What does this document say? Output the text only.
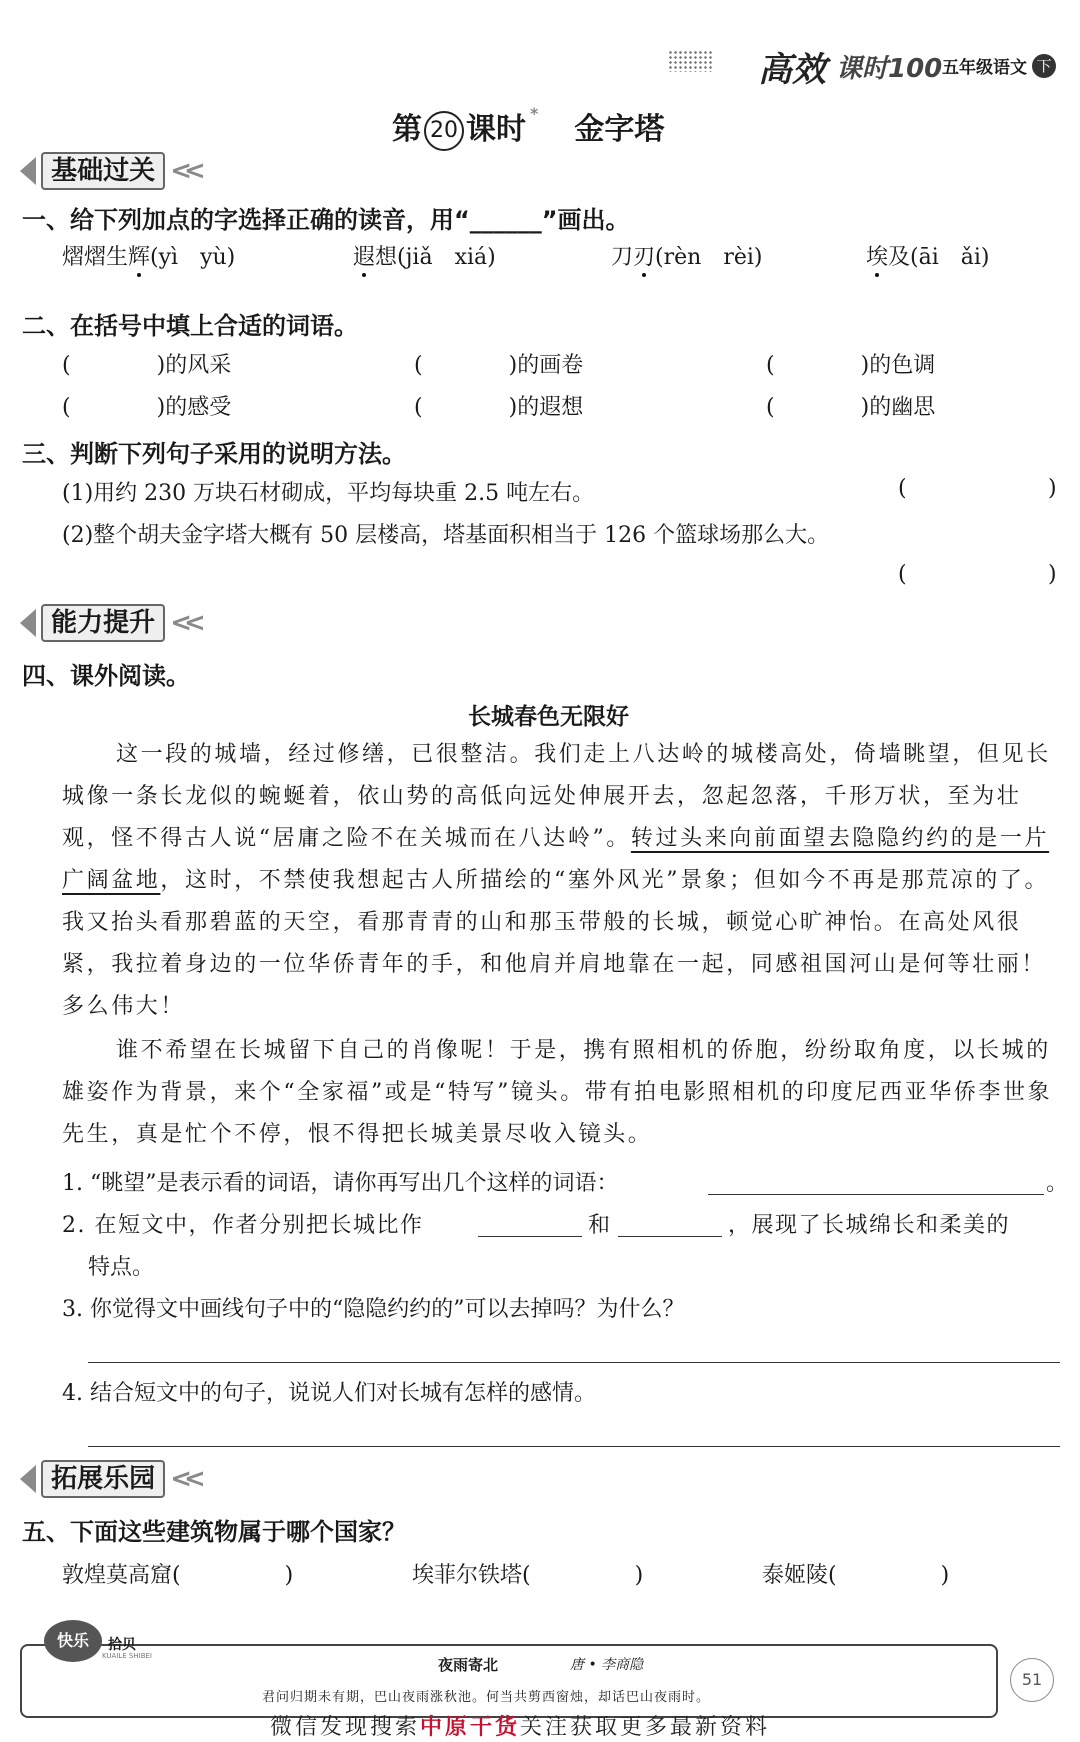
高效 课时100 五年级语文 下
第 20 课时 * 金字塔
基础过关 <<
一、给下列加点的字选择正确的读音，用“______”画出。
熠熠生辉(yì　yù)	遐想(jiǎ　xiá)	刀刃(rèn　rèi)	埃及(āi　ǎi)
二、在括号中填上合适的词语。
(	)的风采	(	)的画卷	(	)的色调
(	)的感受	(	)的遐想	(	)的幽思
三、判断下列句子采用的说明方法。
(1)用约 230 万块石材砌成，平均每块重 2.5 吨左右。	(	)
(2)整个胡夫金字塔大概有 50 层楼高，塔基面积相当于 126 个篮球场那么大。
(	)
能力提升 <<
四、课外阅读。
长城春色无限好
这一段的城墙，经过修缮，已很整洁。我们走上八达岭的城楼高处，倚墙眺望，但见长城像一条长龙似的蜿蜒着，依山势的高低向远处伸展开去，忽起忽落，千形万状，至为壮观，怪不得古人说“居庸之险不在关城而在八达岭”。转过头来向前面望去隐隐约约的是一片广阔盆地，这时，不禁使我想起古人所描绘的“塞外风光”景象；但如今不再是那荒凉的了。我又抬头看那碧蓝的天空，看那青青的山和那玉带般的长城，顿觉心旷神怡。在高处风很紧，我拉着身边的一位华侨青年的手，和他肩并肩地靠在一起，同感祖国河山是何等壮丽！多么伟大！
谁不希望在长城留下自己的肖像呢！于是，携有照相机的侨胞，纷纷取角度，以长城的雄姿作为背景，来个“全家福”或是“特写”镜头。带有拍电影照相机的印度尼西亚华侨李世象先生，真是忙个不停，恨不得把长城美景尽收入镜头。
1. “眺望”是表示看的词语，请你再写出几个这样的词语：	。
2. 在短文中，作者分别把长城比作	和	，展现了长城绵长和柔美的
特点。
3. 你觉得文中画线句子中的“隐隐约约的”可以去掉吗？为什么？
4. 结合短文中的句子，说说人们对长城有怎样的感情。
拓展乐园 <<
五、下面这些建筑物属于哪个国家？
敦煌莫高窟(	)	埃菲尔铁塔(	)	泰姬陵(	)
快乐	拾贝
KUAILE SHIBEI	夜雨寄北	唐 • 李商隐
君问归期未有期，巴山夜雨涨秋池。何当共剪西窗烛，却话巴山夜雨时。
微信发现搜索中原干货关注获取更多最新资料
51
